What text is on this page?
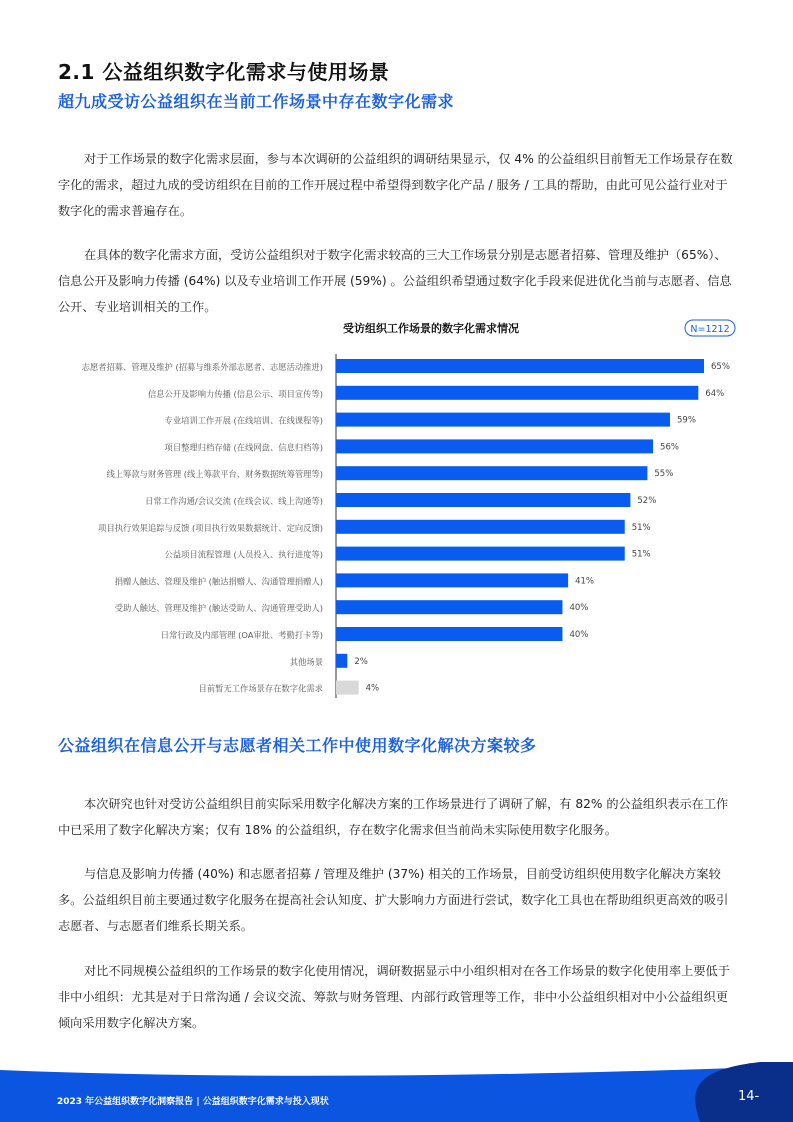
2.1 公益组织数字化需求与使用场景
超九成受访公益组织在当前工作场景中存在数字化需求

对于工作场景的数字化需求层面，参与本次调研的公益组织的调研结果显示，仅 4% 的公益组织目前暂无工作场景存在数字化的需求，超过九成的受访组织在目前的工作开展过程中希望得到数字化产品 / 服务 / 工具的帮助，由此可见公益行业对于数字化的需求普遍存在。

在具体的数字化需求方面，受访公益组织对于数字化需求较高的三大工作场景分别是志愿者招募、管理及维护（65%）、信息公开及影响力传播 (64%) 以及专业培训工作开展 (59%) 。公益组织希望通过数字化手段来促进优化当前与志愿者、信息公开、专业培训相关的工作。

受访组织工作场景的数字化需求情况	N=1212
志愿者招募、管理及维护 (招募与维系外部志愿者、志愿活动推进)	65%
信息公开及影响力传播 (信息公示、项目宣传等)	64%
专业培训工作开展 (在线培训、在线课程等)	59%
项目整理归档存储 (在线网盘、信息归档等)	56%
线上筹款与财务管理 (线上筹款平台、财务数据统筹管理等)	55%
日常工作沟通/会议交流 (在线会议、线上沟通等)	52%
项目执行效果追踪与反馈 (项目执行效果数据统计、定向反馈)	51%
公益项目流程管理 (人员投入、执行进度等)	51%
捐赠人触达、管理及维护 (触达捐赠人、沟通管理捐赠人)	41%
受助人触达、管理及维护 (触达受助人、沟通管理受助人)	40%
日常行政及内部管理 (OA审批、考勤打卡等)	40%
其他场景	2%
目前暂无工作场景存在数字化需求	4%
公益组织在信息公开与志愿者相关工作中使用数字化解决方案较多

本次研究也针对受访公益组织目前实际采用数字化解决方案的工作场景进行了调研了解，有 82% 的公益组织表示在工作中已采用了数字化解决方案；仅有 18% 的公益组织，存在数字化需求但当前尚未实际使用数字化服务。

与信息及影响力传播 (40%) 和志愿者招募 / 管理及维护 (37%) 相关的工作场景，目前受访组织使用数字化解决方案较多。公益组织目前主要通过数字化服务在提高社会认知度、扩大影响力方面进行尝试，数字化工具也在帮助组织更高效的吸引志愿者、与志愿者们维系长期关系。

对比不同规模公益组织的工作场景的数字化使用情况，调研数据显示中小组织相对在各工作场景的数字化使用率上要低于非中小组织：尤其是对于日常沟通 / 会议交流、筹款与财务管理、内部行政管理等工作，非中小公益组织相对中小公益组织更倾向采用数字化解决方案。

2023 年公益组织数字化洞察报告 | 公益组织数字化需求与投入现状	14-
